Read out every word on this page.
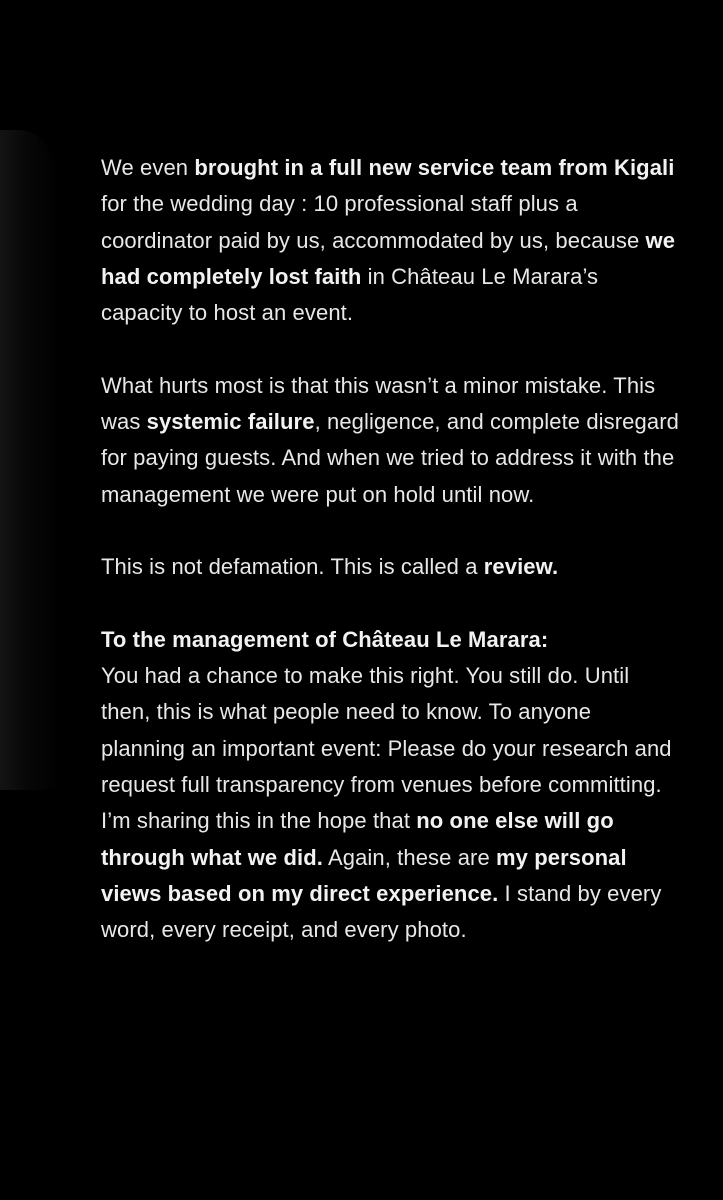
We even brought in a full new service team from Kigali for the wedding day : 10 professional staff plus a coordinator paid by us, accommodated by us, because we had completely lost faith in Château Le Marara’s capacity to host an event.

What hurts most is that this wasn’t a minor mistake. This was systemic failure, negligence, and complete disregard for paying guests. And when we tried to address it with the management we were put on hold until now.

This is not defamation. This is called a review.

To the management of Château Le Marara:
You had a chance to make this right. You still do. Until then, this is what people need to know. To anyone planning an important event: Please do your research and request full transparency from venues before committing. I’m sharing this in the hope that no one else will go through what we did. Again, these are my personal views based on my direct experience. I stand by every word, every receipt, and every photo.
